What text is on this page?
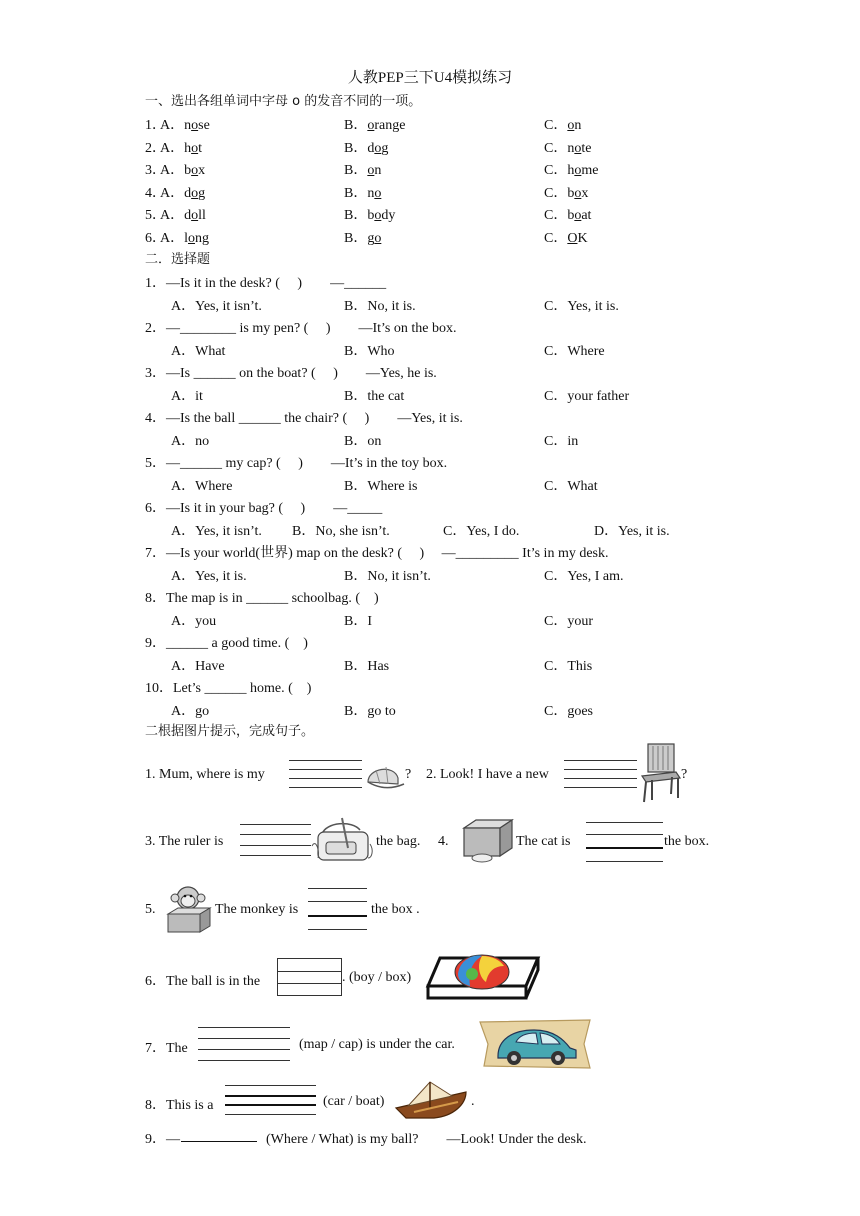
人教PEP三下U4模拟练习
一、选出各组单词中字母 o 的发音不同的一项。
1．
A．nose	B．orange	C．on
2．
A．hot	B．dog	C．note
3．
A．box	B．on	C．home
4．
A．dog	B．no	C．box
5．
A．doll	B．body	C．boat
6．
A．long	B．go	C．OK
二．选择题
1．—Is it in the desk? (　 )　　—______
A．Yes, it isn’t.	B．No, it is.	C．Yes, it is.
2．—________ is my pen? (　 )　　—It’s on the box.
A．What	B．Who	C．Where
3．—Is ______ on the boat? (　 )　　—Yes, he is.
A．it	B．the cat	C．your father
4．—Is the ball ______ the chair? (　 )　　—Yes, it is.
A．no	B．on	C．in
5．—______ my cap? (　 )　　—It’s in the toy box.
A．Where	B．Where is	C．What
6．—Is it in your bag? (　 )　　—_____
A．Yes, it isn’t. B．No, she isn’t.	C．Yes, I do.	D．Yes, it is.
7．—Is your world(世界) map on the desk? (　 )　 —_________ It’s in my desk.
A．Yes, it is.	B．No, it isn’t.	C．Yes, I am.
8．The map is in ______ schoolbag. (　)
A．you	B．I	C．your
9．______ a good time. (　)
A．Have	B．Has	C．This
10．Let’s ______ home. (　)
A．go	B．go to	C．goes
二根据图片提示，完成句子。
1. Mum, where is my	? 2. Look! I have a new	?
3. The ruler is	the bag. 4.	The cat is	the box.
5.	The monkey is	the box .
6．The ball is in the	. (boy / box)
7．The	(map / cap) is under the car.
8．This is a	(car / boat)	.
9．—	(Where / What) is my ball?　　—Look! Under the desk.
